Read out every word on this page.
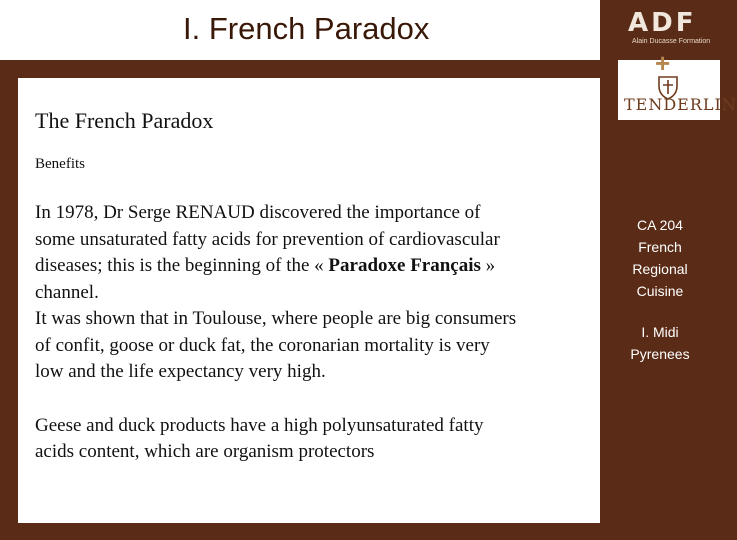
I. French Paradox	ADF
Alain Ducasse Formation
+
TENDERLIN
The French Paradox
Benefits

In 1978, Dr Serge RENAUD discovered the importance of
some unsaturated fatty acids for prevention of cardiovascular
diseases; this is the beginning of the « Paradoxe Français »
channel.
It was shown that in Toulouse, where people are big consumers
of confit, goose or duck fat, the coronarian mortality is very
low and the life expectancy very high.

Geese and duck products have a high polyunsaturated fatty
acids content, which are organism protectors

CA 204
French
Regional
Cuisine
I. Midi
Pyrenees
